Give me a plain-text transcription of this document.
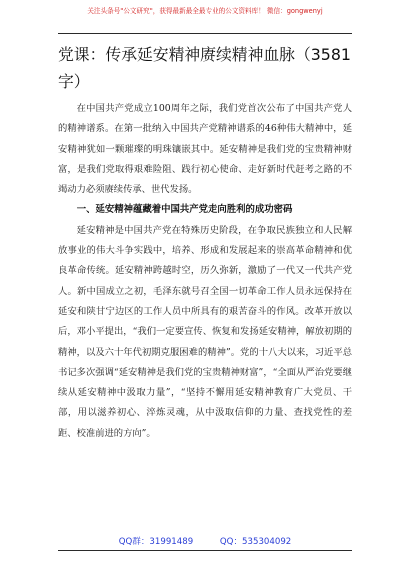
关注头条号"公文研究"，获得最新最全最专业的公文资料库！ 微信：gongwenyj
党课：传承延安精神赓续精神血脉（3581字）

在中国共产党成立100周年之际，我们党首次公布了中国共产党人的精神谱系。在第一批纳入中国共产党精神谱系的46种伟大精神中，延安精神犹如一颗璀璨的明珠镶嵌其中。延安精神是我们党的宝贵精神财富，是我们党取得艰难险阻、践行初心使命、走好新时代赶考之路的不竭动力必须赓续传承、世代发扬。

一、延安精神蕴藏着中国共产党走向胜利的成功密码

延安精神是中国共产党在特殊历史阶段，在争取民族独立和人民解放事业的伟大斗争实践中，培养、形成和发展起来的崇高革命精神和优良革命传统。延安精神跨越时空，历久弥新，激励了一代又一代共产党人。新中国成立之初，毛泽东就号召全国一切革命工作人员永远保持在延安和陕甘宁边区的工作人员中所具有的艰苦奋斗的作风。改革开放以后，邓小平提出，“我们一定要宣传、恢复和发扬延安精神，解放初期的精神，以及六十年代初期克服困难的精神”。党的十八大以来，习近平总书记多次强调“延安精神是我们党的宝贵精神财富”，“全面从严治党要继续从延安精神中汲取力量”，“坚持不懈用延安精神教育广大党员、干部，用以滋养初心、淬炼灵魂，从中汲取信仰的力量、查找党性的差距、校准前进的方向”。

QQ群：31991489	QQ：535304092
